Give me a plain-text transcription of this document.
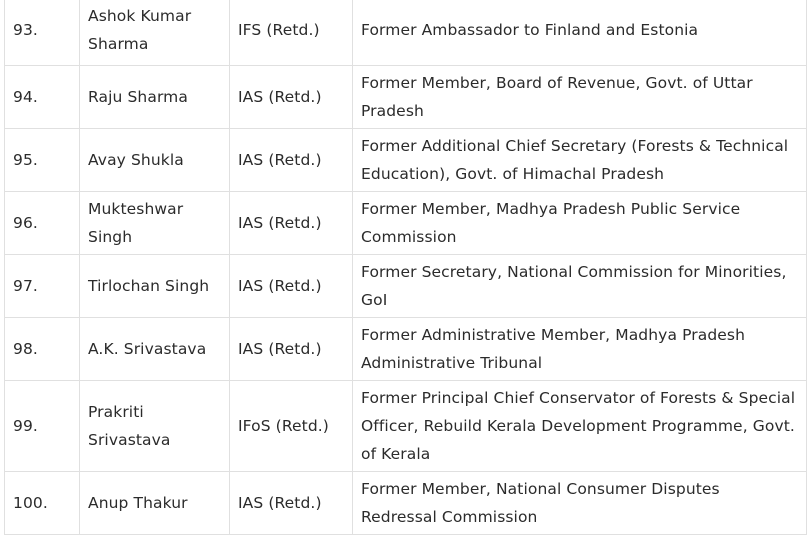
93.	Ashok Kumar Sharma	IFS (Retd.)	Former Ambassador to Finland and Estonia
94.	Raju Sharma	IAS (Retd.)	Former Member, Board of Revenue, Govt. of Uttar Pradesh
95.	Avay Shukla	IAS (Retd.)	Former Additional Chief Secretary (Forests & Technical Education), Govt. of Himachal Pradesh
96.	Mukteshwar Singh	IAS (Retd.)	Former Member, Madhya Pradesh Public Service Commission
97.	Tirlochan Singh	IAS (Retd.)	Former Secretary, National Commission for Minorities, GoI
98.	A.K. Srivastava	IAS (Retd.)	Former Administrative Member, Madhya Pradesh Administrative Tribunal
99.	Prakriti Srivastava	IFoS (Retd.)	Former Principal Chief Conservator of Forests & Special Officer, Rebuild Kerala Development Programme, Govt. of Kerala
100.	Anup Thakur	IAS (Retd.)	Former Member, National Consumer Disputes Redressal Commission
